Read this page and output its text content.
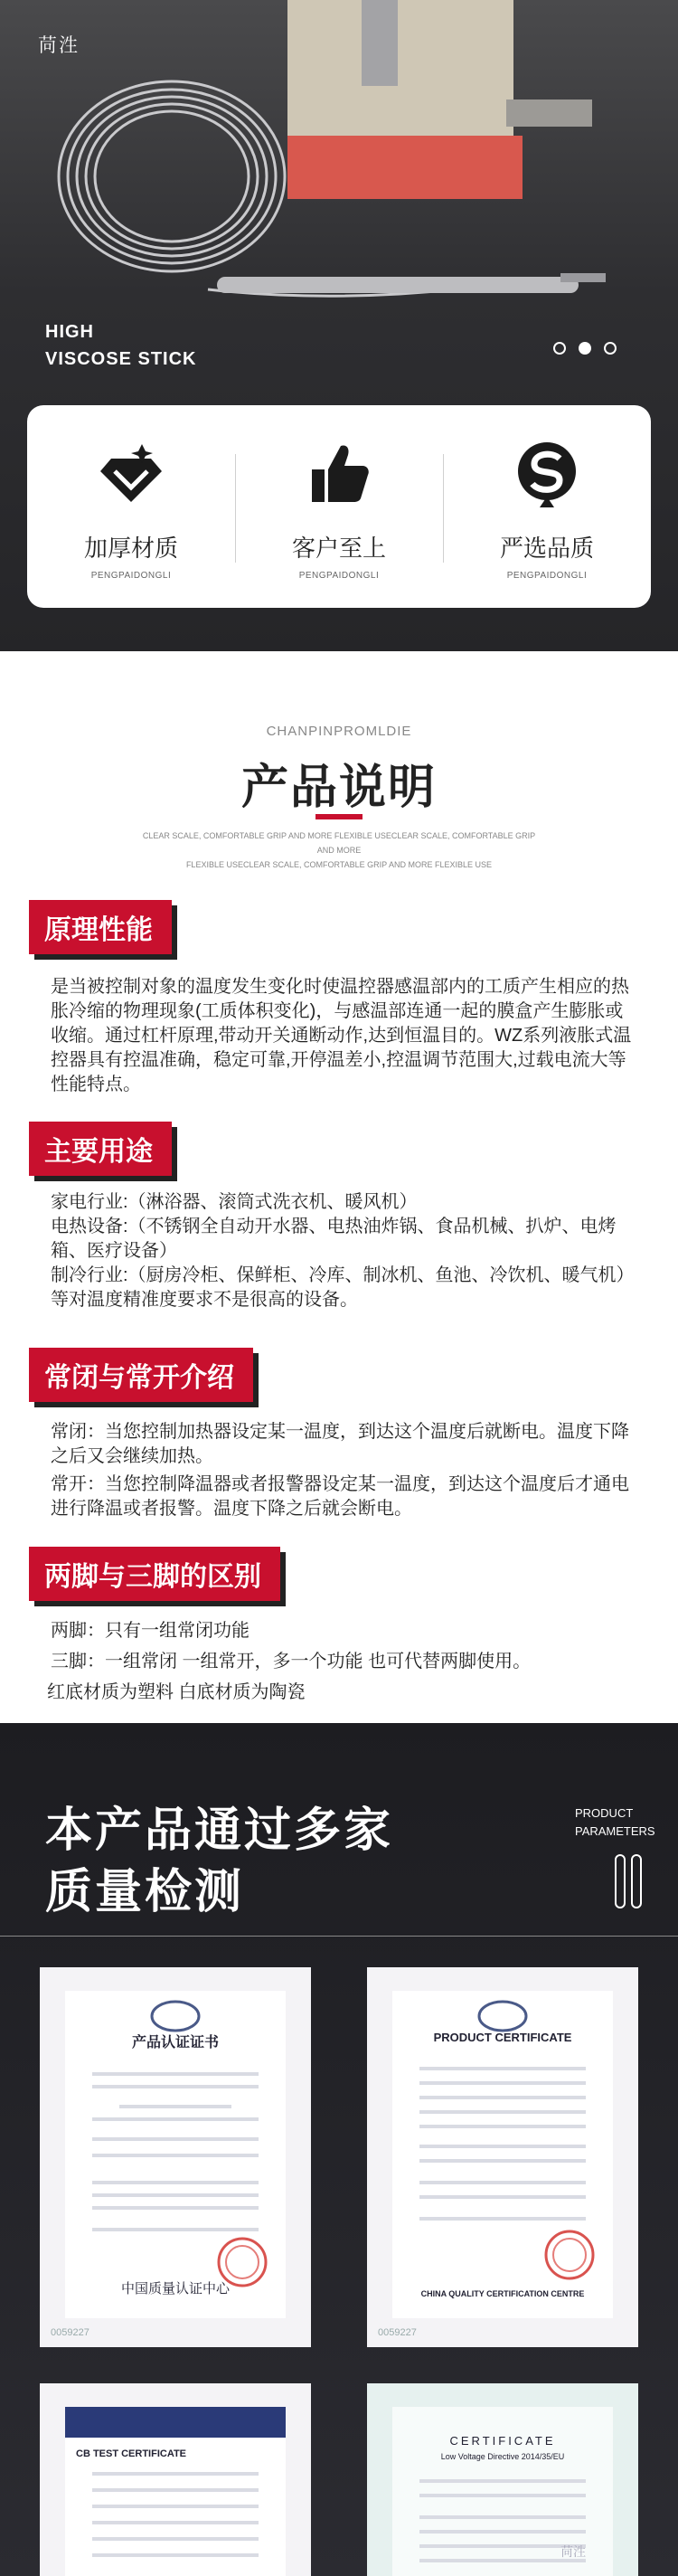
苘泩
HIGH
VISCOSE STICK
加厚材质
PENGPAIDONGLI
客户至上
PENGPAIDONGLI
严选品质
PENGPAIDONGLI
CHANPINPROMLDIE
产品说明
CLEAR SCALE, COMFORTABLE GRIP AND MORE FLEXIBLE USECLEAR SCALE, COMFORTABLE GRIP AND MORE
FLEXIBLE USECLEAR SCALE, COMFORTABLE GRIP AND MORE FLEXIBLE USE
原理性能

是当被控制对象的温度发生变化时使温控器感温部内的工质产生相应的热胀冷缩的物理现象(工质体积变化)，与感温部连通一起的膜盒产生膨胀或收缩。通过杠杆原理,带动开关通断动作,达到恒温目的。WZ系列液胀式温控器具有控温准确，稳定可靠,开停温差小,控温调节范围大,过载电流大等性能特点。

主要用途

家电行业:（淋浴器、滚筒式洗衣机、暖风机）

电热设备:（不锈钢全自动开水器、电热油炸锅、食品机械、扒炉、电烤箱、医疗设备）

制冷行业:（厨房冷柜、保鲜柜、冷库、制冰机、鱼池、冷饮机、暖气机）等对温度精准度要求不是很高的设备。

常闭与常开介绍

常闭：当您控制加热器设定某一温度，到达这个温度后就断电。温度下降之后又会继续加热。

常开：当您控制降温器或者报警器设定某一温度，到达这个温度后才通电进行降温或者报警。温度下降之后就会断电。

两脚与三脚的区别

两脚：只有一组常闭功能

三脚：一组常闭 一组常开，多一个功能 也可代替两脚使用。

红底材质为塑料 白底材质为陶瓷

本产品通过多家
质量检测
PRODUCT
PARAMETERS
产品认证证书
中国质量认证中心
0059227
PRODUCT CERTIFICATE
CHINA QUALITY CERTIFICATION CENTRE
0059227
CB TEST CERTIFICATE
CERTIFICATE
Low Voltage Directive 2014/35/EU
苘泩
